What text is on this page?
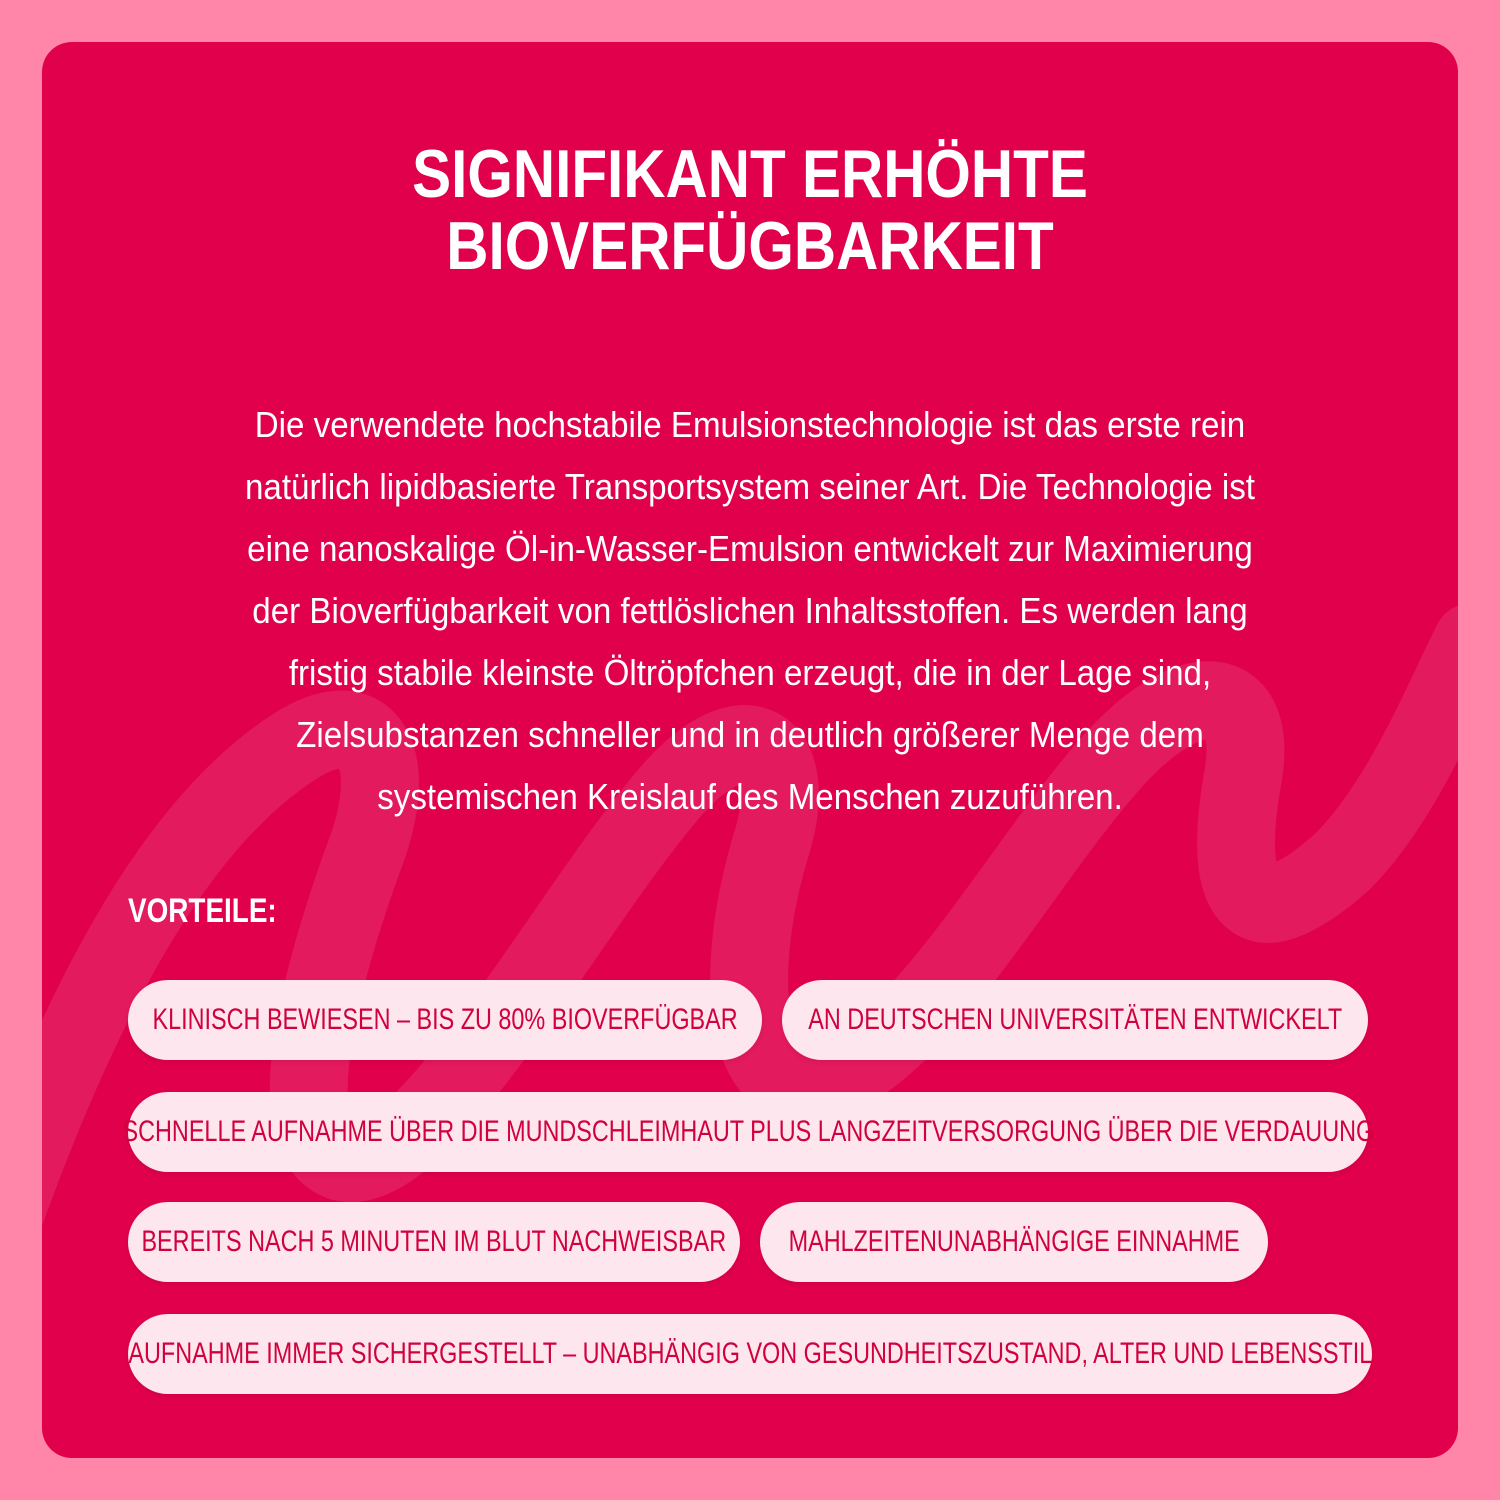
SIGNIFIKANT ERHÖHTE
BIOVERFÜGBARKEIT
Die verwendete hochstabile Emulsionstechnologie ist das erste rein
natürlich lipidbasierte Transportsystem seiner Art. Die Technologie ist
eine nanoskalige Öl-in-Wasser-Emulsion entwickelt zur Maximierung
der Bioverfügbarkeit von fettlöslichen Inhaltsstoffen. Es werden lang
fristig stabile kleinste Öltröpfchen erzeugt, die in der Lage sind,
Zielsubstanzen schneller und in deutlich größerer Menge dem
systemischen Kreislauf des Menschen zuzuführen.
VORTEILE:
KLINISCH BEWIESEN – BIS ZU 80% BIOVERFÜGBAR AN DEUTSCHEN UNIVERSITÄTEN ENTWICKELT
SCHNELLE AUFNAHME ÜBER DIE MUNDSCHLEIMHAUT PLUS LANGZEITVERSORGUNG ÜBER DIE VERDAUUNG
BEREITS NACH 5 MINUTEN IM BLUT NACHWEISBAR MAHLZEITENUNABHÄNGIGE EINNAHME
AUFNAHME IMMER SICHERGESTELLT – UNABHÄNGIG VON GESUNDHEITSZUSTAND, ALTER UND LEBENSSTIL
